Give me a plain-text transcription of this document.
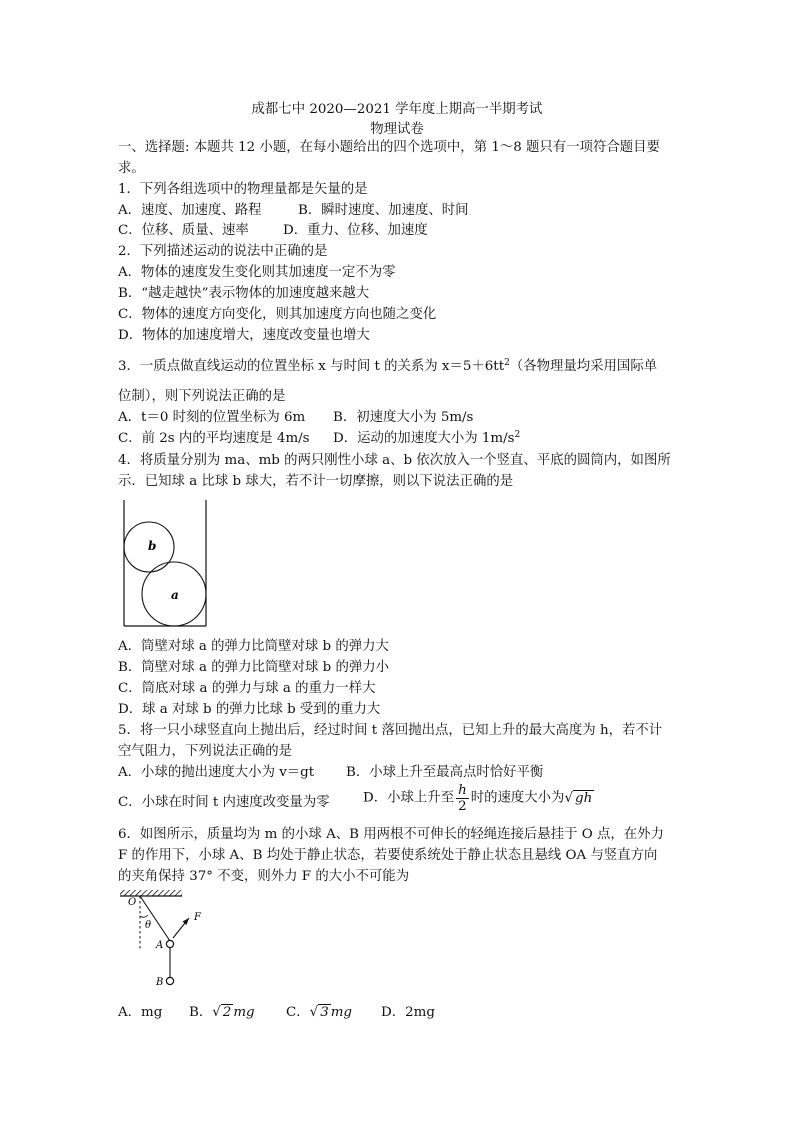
成都七中 2020—2021 学年度上期高一半期考试
物理试卷
一、选择题: 本题共 12 小题，在每小题给出的四个选项中，第 1～8 题只有一项符合题目要
求。
1．下列各组选项中的物理量都是矢量的是
A．速度、加速度、路程	B．瞬时速度、加速度、时间
C．位移、质量、速率	D．重力、位移、加速度
2．下列描述运动的说法中正确的是
A．物体的速度发生变化则其加速度一定不为零
B．“越走越快”表示物体的加速度越来越大
C．物体的速度方向变化，则其加速度方向也随之变化
D．物体的加速度增大，速度改变量也增大
3．一质点做直线运动的位置坐标 x 与时间 t 的关系为 $x=5+6tt^2$（各物理量均采用国际单
位制），则下列说法正确的是
A．t＝0 时刻的位置坐标为 6m B．初速度大小为 5m/s
C．前 2s 内的平均速度是 4m/s D．运动的加速度大小为 $1m/s^2$
4．将质量分别为 ma、mb 的两只刚性小球 a、b 依次放入一个竖直、平底的圆筒内，如图所
示．已知球 a 比球 b 球大，若不计一切摩擦，则以下说法正确的是
b
a
A．筒壁对球 a 的弹力比筒壁对球 b 的弹力大
B．筒壁对球 a 的弹力比筒壁对球 b 的弹力小
C．筒底对球 a 的弹力与球 a 的重力一样大
D．球 a 对球 b 的弹力比球 b 受到的重力大
5．将一只小球竖直向上抛出后，经过时间 t 落回抛出点，已知上升的最大高度为 h，若不计
空气阻力，下列说法正确的是
A．小球的抛出速度大小为 v＝gt B．小球上升至最高点时恰好平衡
C．小球在时间 t 内速度改变量为零 D．小球上升至 $\frac{h}{2}$ 时的速度大小为√ gh
6．如图所示，质量均为 m 的小球 A、B 用两根不可伸长的轻绳连接后悬挂于 O 点，在外力
F 的作用下，小球 A、B 均处于静止状态，若要使系统处于静止状态且悬线 OA 与竖直方向
的夹角保持 37° 不变，则外力 F 的大小不可能为
O
θ
F
A
B
A．mg B．√ 2 mg C．√ 3 mg D．2mg
